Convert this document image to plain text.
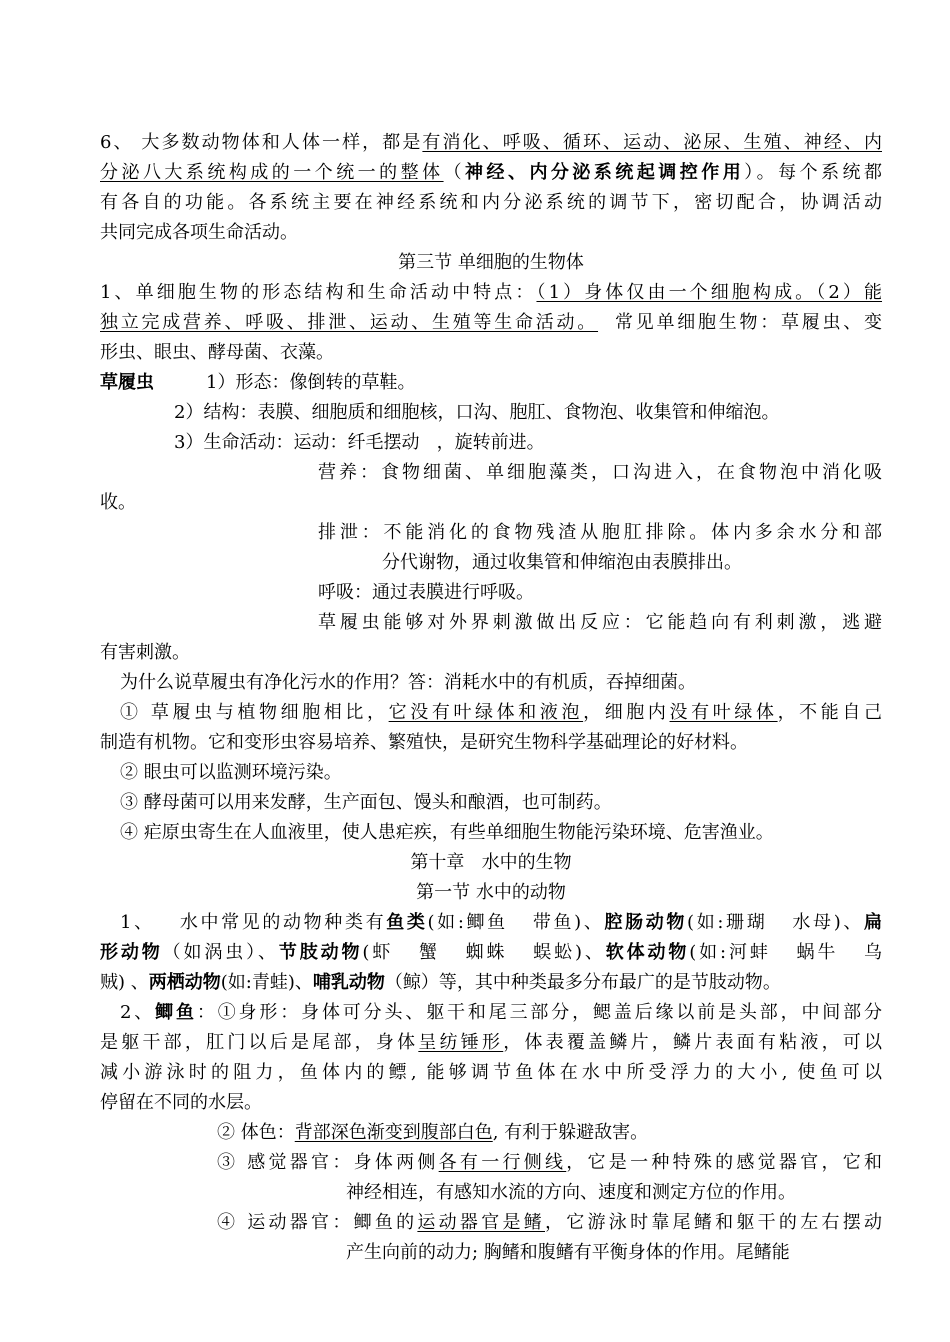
6、 大多数动物体和人体一样，都是有消化、呼吸、循环、运动、泌尿、生殖、神经、内
分泌八大系统构成的一个统一的整体（神经、内分泌系统起调控作用）。每个系统都
有各自的功能。各系统主要在神经系统和内分泌系统的调节下，密切配合，协调活动
共同完成各项生命活动。
第三节 单细胞的生物体
1、单细胞生物的形态结构和生命活动中特点：（1）身体仅由一个细胞构成。（2）能
独立完成营养、呼吸、排泄、运动、生殖等生命活动。  常见单细胞生物：草履虫、变
形虫、眼虫、酵母菌、衣藻。
草履虫	1）形态：像倒转的草鞋。
2）结构：表膜、细胞质和细胞核，口沟、胞肛、食物泡、收集管和伸缩泡。
3）生命活动：运动：纤毛摆动   ，旋转前进。
营养：食物细菌、单细胞藻类，口沟进入，在食物泡中消化吸
收。
排泄：不能消化的食物残渣从胞肛排除。体内多余水分和部
分代谢物，通过收集管和伸缩泡由表膜排出。
呼吸：通过表膜进行呼吸。
草履虫能够对外界刺激做出反应：它能趋向有利刺激，逃避
有害刺激。
为什么说草履虫有净化污水的作用？答：消耗水中的有机质，吞掉细菌。
① 草履虫与植物细胞相比，它没有叶绿体和液泡，细胞内没有叶绿体，不能自己
制造有机物。它和变形虫容易培养、繁殖快，是研究生物科学基础理论的好材料。
② 眼虫可以监测环境污染。
③ 酵母菌可以用来发酵，生产面包、馒头和酿酒，也可制药。
④ 疟原虫寄生在人血液里，使人患疟疾，有些单细胞生物能污染环境、危害渔业。
第十章   水中的生物
第一节 水中的动物
1、   水中常见的动物种类有鱼类(如:鲫鱼   带鱼)、腔肠动物(如:珊瑚   水母)、扁
形动物（如涡虫）、节肢动物(虾   蟹   蜘蛛   蜈蚣)、软体动物(如:河蚌   蜗牛   乌
贼) 、两栖动物(如:青蛙)、哺乳动物（鲸）等，其中种类最多分布最广的是节肢动物。
2、鲫鱼：①身形：身体可分头、躯干和尾三部分，鳃盖后缘以前是头部，中间部分
是躯干部，肛门以后是尾部，身体呈纺锤形，体表覆盖鳞片，鳞片表面有粘液，可以
减小游泳时的阻力，鱼体内的鳔, 能够调节鱼体在水中所受浮力的大小, 使鱼可以
停留在不同的水层。
② 体色：背部深色渐变到腹部白色, 有利于躲避敌害。
③ 感觉器官：身体两侧各有一行侧线，它是一种特殊的感觉器官，它和
神经相连，有感知水流的方向、速度和测定方位的作用。
④ 运动器官：鲫鱼的运动器官是鳍，它游泳时靠尾鳍和躯干的左右摆动
产生向前的动力; 胸鳍和腹鳍有平衡身体的作用。尾鳍能
